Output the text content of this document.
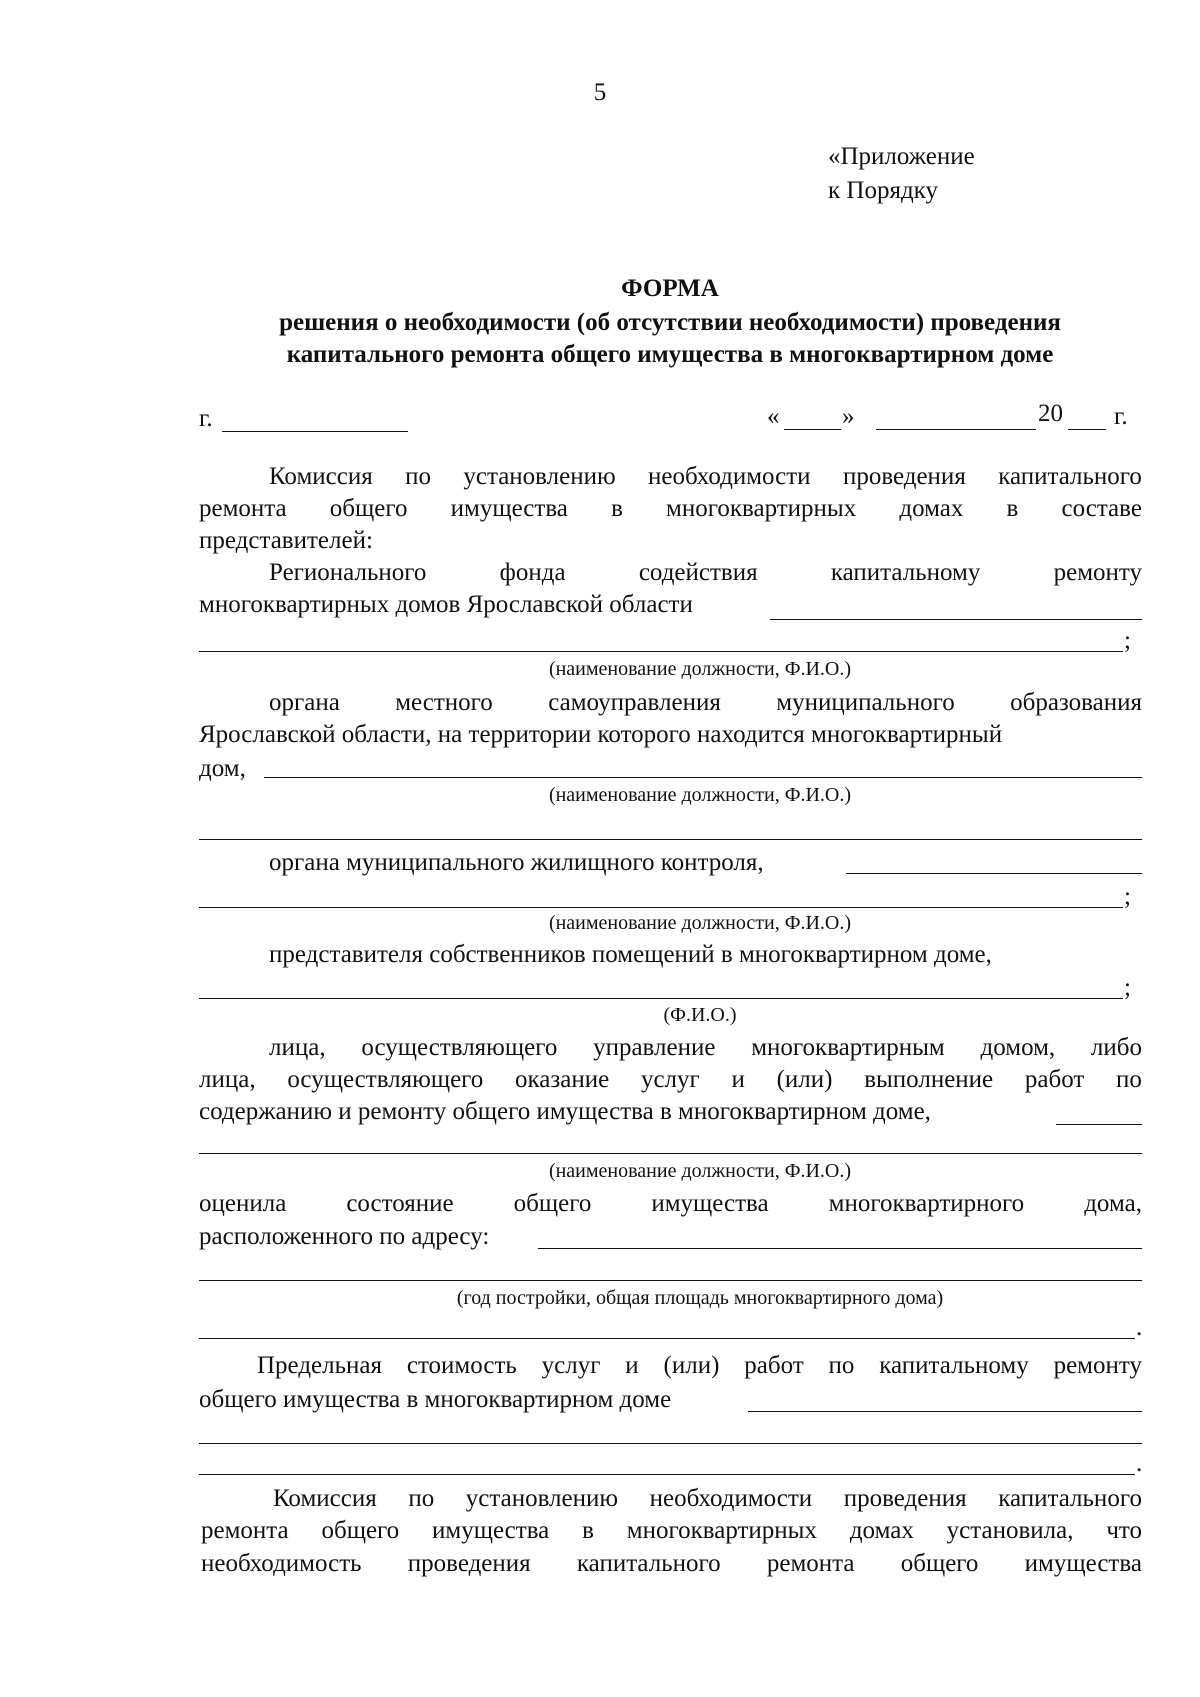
5
«Приложение
к Порядку
ФОРМА
решения о необходимости (об отсутствии необходимости) проведения
капитального ремонта общего имущества в многоквартирном доме
г.	«	»	20 г.
Комиссия по установлению необходимости проведения капитального
ремонта общего имущества в многоквартирных домах в составе
представителей:
Регионального	фонда	содействия	капитальному	ремонту
многоквартирных домов Ярославской области
;
(наименование должности, Ф.И.О.)
органа местного самоуправления муниципального образования
Ярославской области, на территории которого находится многоквартирный
дом,
(наименование должности, Ф.И.О.)
органа муниципального жилищного контроля,
;
(наименование должности, Ф.И.О.)
представителя собственников помещений в многоквартирном доме,
;
(Ф.И.О.)
лица, осуществляющего управление многоквартирным домом, либо
лица, осуществляющего оказание услуг и (или) выполнение работ по
содержанию и ремонту общего имущества в многоквартирном доме,
(наименование должности, Ф.И.О.)
оценила состояние общего имущества многоквартирного дома,
расположенного по адресу:
(год постройки, общая площадь многоквартирного дома)
.
Предельная стоимость услуг и (или) работ по капитальному ремонту
общего имущества в многоквартирном доме
.
Комиссия по установлению необходимости проведения капитального
ремонта общего имущества в многоквартирных домах установила, что
необходимость проведения капитального ремонта общего имущества
